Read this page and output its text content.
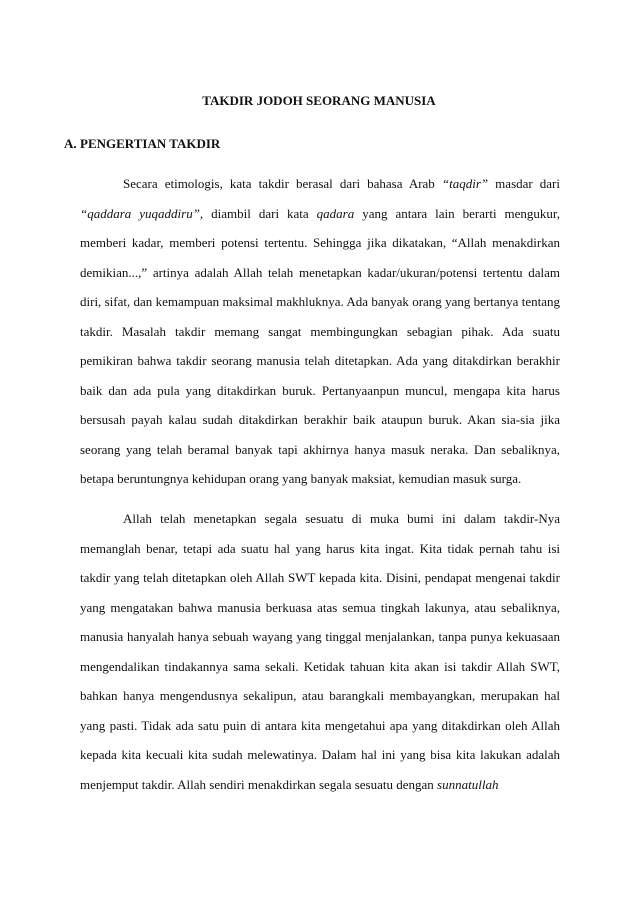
TAKDIR JODOH SEORANG MANUSIA
A. PENGERTIAN TAKDIR

Secara etimologis, kata takdir berasal dari bahasa Arab “taqdir” masdar dari “qaddara yuqaddiru”, diambil dari kata qadara yang antara lain berarti mengukur, memberi kadar, memberi potensi tertentu. Sehingga jika dikatakan, “Allah menakdirkan demikian...,” artinya adalah Allah telah menetapkan kadar/ukuran/potensi tertentu dalam diri, sifat, dan kemampuan maksimal makhluknya. Ada banyak orang yang bertanya tentang takdir. Masalah takdir memang sangat membingungkan sebagian pihak. Ada suatu pemikiran bahwa takdir seorang manusia telah ditetapkan. Ada yang ditakdirkan berakhir baik dan ada pula yang ditakdirkan buruk. Pertanyaanpun muncul, mengapa kita harus bersusah payah kalau sudah ditakdirkan berakhir baik ataupun buruk. Akan sia-sia jika seorang yang telah beramal banyak tapi akhirnya hanya masuk neraka. Dan sebaliknya, betapa beruntungnya kehidupan orang yang banyak maksiat, kemudian masuk surga.

Allah telah menetapkan segala sesuatu di muka bumi ini dalam takdir-Nya memanglah benar, tetapi ada suatu hal yang harus kita ingat. Kita tidak pernah tahu isi takdir yang telah ditetapkan oleh Allah SWT kepada kita. Disini, pendapat mengenai takdir yang mengatakan bahwa manusia berkuasa atas semua tingkah lakunya, atau sebaliknya, manusia hanyalah hanya sebuah wayang yang tinggal menjalankan, tanpa punya kekuasaan mengendalikan tindakannya sama sekali. Ketidak tahuan kita akan isi takdir Allah SWT, bahkan hanya mengendusnya sekalipun, atau barangkali membayangkan, merupakan hal yang pasti. Tidak ada satu puin di antara kita mengetahui apa yang ditakdirkan oleh Allah kepada kita kecuali kita sudah melewatinya. Dalam hal ini yang bisa kita lakukan adalah menjemput takdir. Allah sendiri menakdirkan segala sesuatu dengan sunnatullah
